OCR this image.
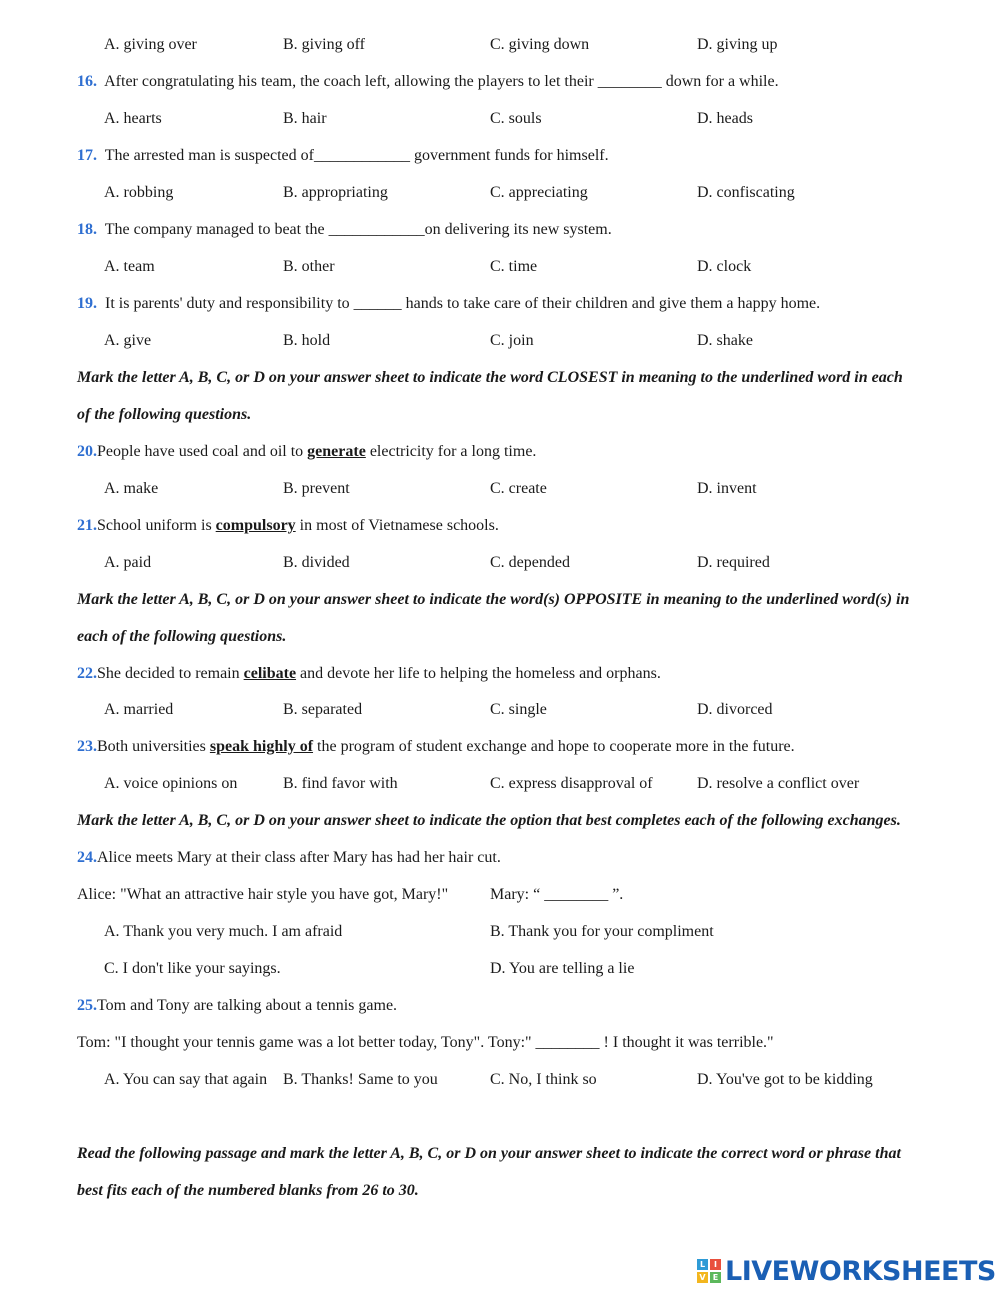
A. giving over	B. giving off	C. giving down	D. giving up
16. After congratulating his team, the coach left, allowing the players to let their ________ down for a while.
A. hearts	B. hair	C. souls	D. heads
17. The arrested man is suspected of____________ government funds for himself.
A. robbing	B. appropriating	C. appreciating	D. confiscating
18. The company managed to beat the ____________on delivering its new system.
A. team	B. other	C. time	D. clock
19. It is parents' duty and responsibility to ______ hands to take care of their children and give them a happy home.
A. give	B. hold	C. join	D. shake
Mark the letter A, B, C, or D on your answer sheet to indicate the word CLOSEST in meaning to the underlined word in each
of the following questions.
20.People have used coal and oil to generate electricity for a long time.
A. make	B. prevent	C. create	D. invent
21.School uniform is compulsory in most of Vietnamese schools.
A. paid	B. divided	C. depended	D. required
Mark the letter A, B, C, or D on your answer sheet to indicate the word(s) OPPOSITE in meaning to the underlined word(s) in
each of the following questions.
22.She decided to remain celibate and devote her life to helping the homeless and orphans.
A. married	B. separated	C. single	D. divorced
23.Both universities speak highly of the program of student exchange and hope to cooperate more in the future.
A. voice opinions on	B. find favor with	C. express disapproval of	D. resolve a conflict over
Mark the letter A, B, C, or D on your answer sheet to indicate the option that best completes each of the following exchanges.
24.Alice meets Mary at their class after Mary has had her hair cut.
Alice: "What an attractive hair style you have got, Mary!"	Mary: “ ________ ”.
A. Thank you very much. I am afraid	B. Thank you for your compliment
C. I don't like your sayings.	D. You are telling a lie
25.Tom and Tony are talking about a tennis game.
Tom: "I thought your tennis game was a lot better today, Tony". Tony:" ________ ! I thought it was terrible."
A. You can say that again B. Thanks! Same to you	C. No, I think so	D. You've got to be kidding
Read the following passage and mark the letter A, B, C, or D on your answer sheet to indicate the correct word or phrase that
best fits each of the numbered blanks from 26 to 30.
L	I
V E LIVEWORKSHEETS
